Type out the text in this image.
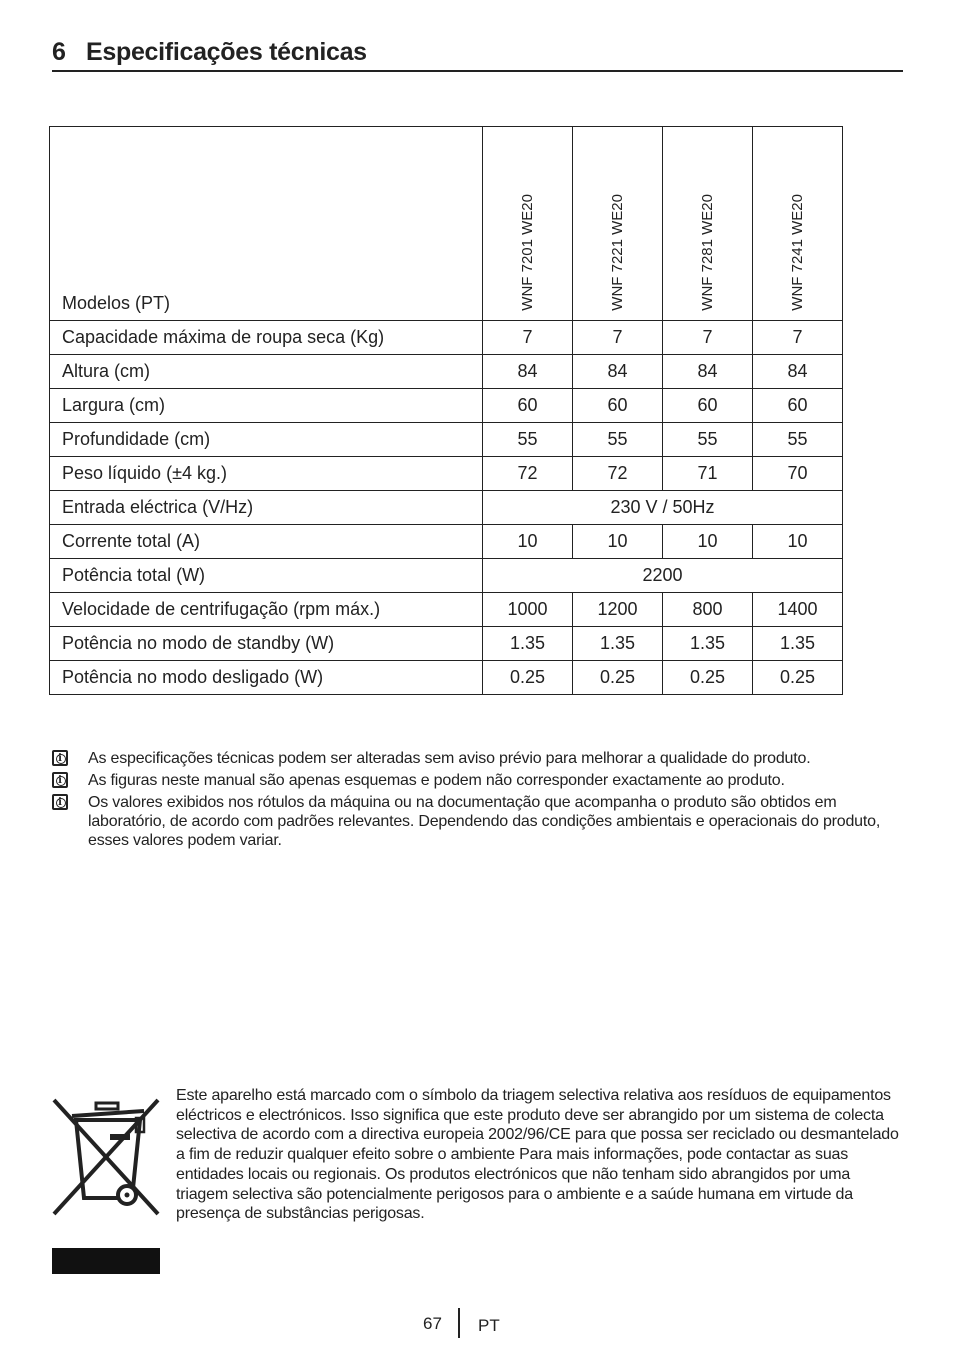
6 Especificações técnicas
Modelos (PT)	WNF 7201 WE20	WNF 7221 WE20	WNF 7281 WE20	WNF 7241 WE20
Capacidade máxima de roupa seca (Kg)	7	7	7	7
Altura (cm)	84	84	84	84
Largura (cm)	60	60	60	60
Profundidade (cm)	55	55	55	55
Peso líquido (±4 kg.)	72	72	71	70
Entrada eléctrica (V/Hz)	230 V / 50Hz			
Corrente total (A)	10	10	10	10
Potência total (W)	2200			
Velocidade de centrifugação (rpm máx.)	1000	1200	800	1400
Potência no modo de standby (W)	1.35	1.35	1.35	1.35
Potência no modo desligado (W)	0.25	0.25	0.25	0.25
i As especificações técnicas podem ser alteradas sem aviso prévio para melhorar a qualidade do produto.
i As figuras neste manual são apenas esquemas e podem não corresponder exactamente ao produto.
i Os valores exibidos nos rótulos da máquina ou na documentação que acompanha o produto são obtidos em laboratório, de acordo com padrões relevantes. Dependendo das condições ambientais e operacionais do produto, esses valores podem variar.
Este aparelho está marcado com o símbolo da triagem selectiva relativa aos resíduos de equipamentos eléctricos e electrónicos. Isso significa que este produto deve ser abrangido por um sistema de colecta selectiva de acordo com a directiva europeia 2002/96/CE para que possa ser reciclado ou desmantelado a fim de reduzir qualquer efeito sobre o ambiente Para mais informações, pode contactar as suas entidades locais ou regionais. Os produtos electrónicos que não tenham sido abrangidos por uma triagem selectiva são potencialmente perigosos para o ambiente e a saúde humana em virtude da presença de substâncias perigosas.
67 PT
